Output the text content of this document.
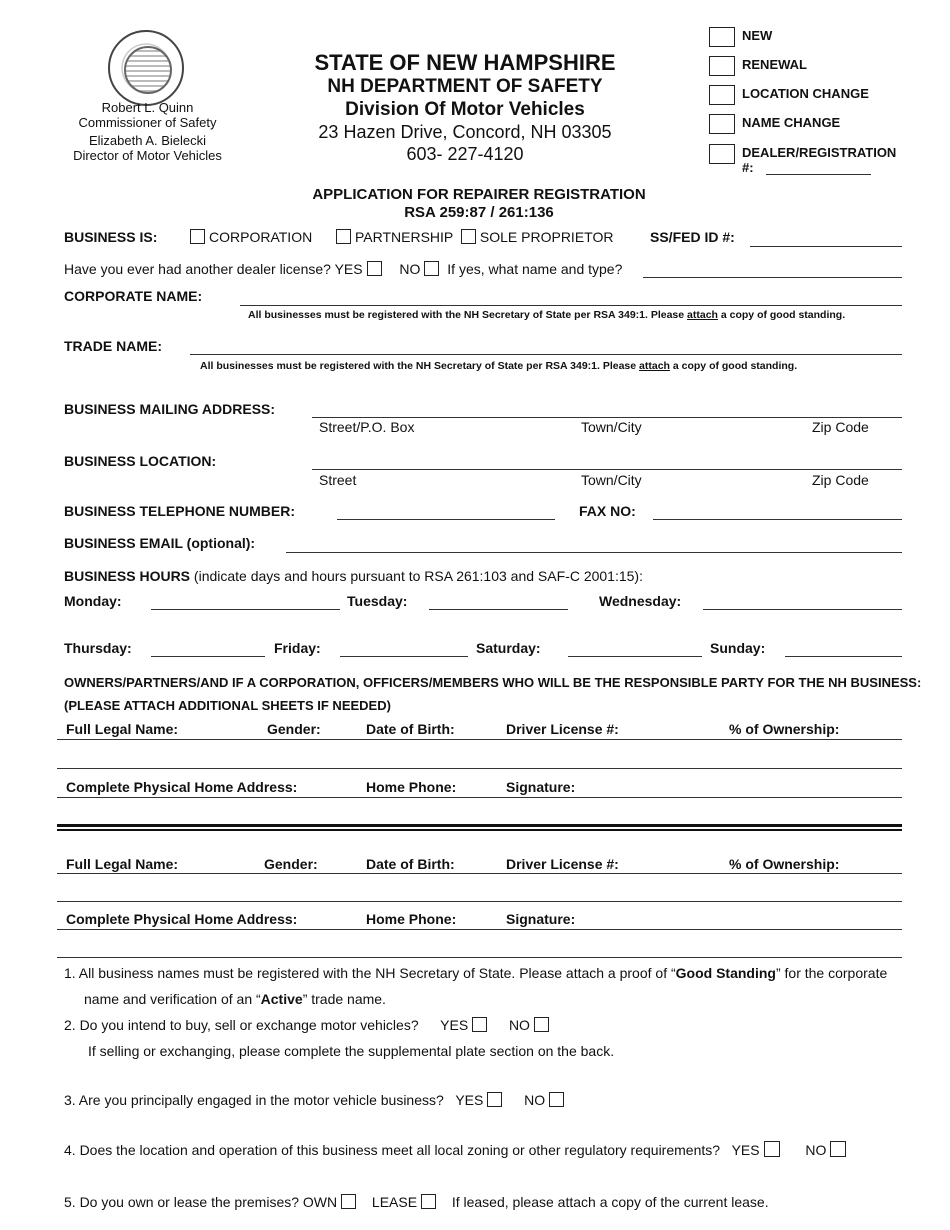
Robert L. Quinn
Commissioner of Safety
Elizabeth A. Bielecki
Director of Motor Vehicles
STATE OF NEW HAMPSHIRE
NH DEPARTMENT OF SAFETY
Division Of Motor Vehicles
23 Hazen Drive, Concord, NH 03305
603- 227-4120
NEW
RENEWAL
LOCATION CHANGE
NAME CHANGE
DEALER/REGISTRATION
#:
APPLICATION FOR REPAIRER REGISTRATION
RSA 259:87 / 261:136
BUSINESS IS:	CORPORATION	PARTNERSHIP SOLE PROPRIETOR	SS/FED ID #:
Have you ever had another dealer license? YES	NO If yes, what name and type?
CORPORATE NAME:
All businesses must be registered with the NH Secretary of State per RSA 349:1. Please attach a copy of good standing.
TRADE NAME:
All businesses must be registered with the NH Secretary of State per RSA 349:1. Please attach a copy of good standing.
BUSINESS MAILING ADDRESS:
Street/P.O. Box	Town/City	Zip Code
BUSINESS LOCATION:
Street	Town/City	Zip Code
BUSINESS TELEPHONE NUMBER:	FAX NO:
BUSINESS EMAIL (optional):
BUSINESS HOURS (indicate days and hours pursuant to RSA 261:103 and SAF-C 2001:15):
Monday:	Tuesday:	Wednesday:
Thursday:	Friday:	Saturday:	Sunday:
OWNERS/PARTNERS/AND IF A CORPORATION, OFFICERS/MEMBERS WHO WILL BE THE RESPONSIBLE PARTY FOR THE NH BUSINESS:
(PLEASE ATTACH ADDITIONAL SHEETS IF NEEDED)
Full Legal Name:	Gender:	Date of Birth:	Driver License #:	% of Ownership:
Complete Physical Home Address:	Home Phone:	Signature:
Full Legal Name:	Gender:	Date of Birth:	Driver License #:	% of Ownership:
Complete Physical Home Address:	Home Phone:	Signature:
1. All business names must be registered with the NH Secretary of State. Please attach a proof of “Good Standing” for the corporate
name and verification of an “Active” trade name.
2. Do you intend to buy, sell or exchange motor vehicles? YES	NO
If selling or exchanging, please complete the supplemental plate section on the back.
3. Are you principally engaged in the motor vehicle business? YES	NO
4. Does the location and operation of this business meet all local zoning or other regulatory requirements? YES	NO
5. Do you own or lease the premises? OWN LEASE If leased, please attach a copy of the current lease.
